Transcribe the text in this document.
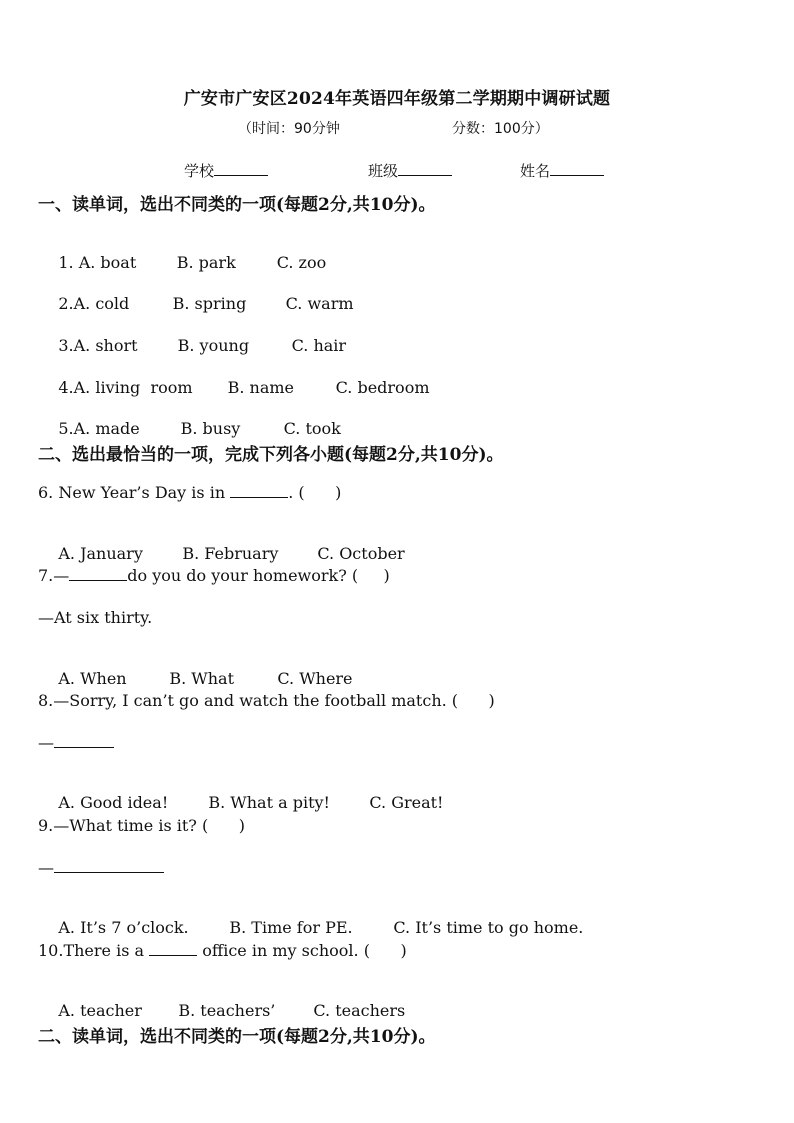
广安市广安区2024年英语四年级第二学期期中调研试题
（时间：90分钟	分数：100分）
学校	班级	姓名
一、读单词，选出不同类的一项(每题2分,共10分)。

1. A. boat	B. park	C. zoo

2.A. cold	B. spring C. warm

3.A. short	B. young	C. hair

4.A. living  room B. name	C. bedroom

5.A. made	B. busy	C. took

二、选出最恰当的一项，完成下列各小题(每题2分,共10分)。
6. New Year’s Day is in	. (      )

A. January B. February C. October

7.—	do you do your homework? (     )
—At six thirty.

A. When	B. What	C. Where

8.—Sorry, I can’t go and watch the football match. (      )
—

A. Good idea!	B. What a pity! C. Great!

9.—What time is it? (      )
—

A. It’s 7 o’clock.	B. Time for PE.	C. It’s time to go home.

10.There is a	office in my school. (      )

A. teacher B. teachers’ C. teachers

二、读单词，选出不同类的一项(每题2分,共10分)。
